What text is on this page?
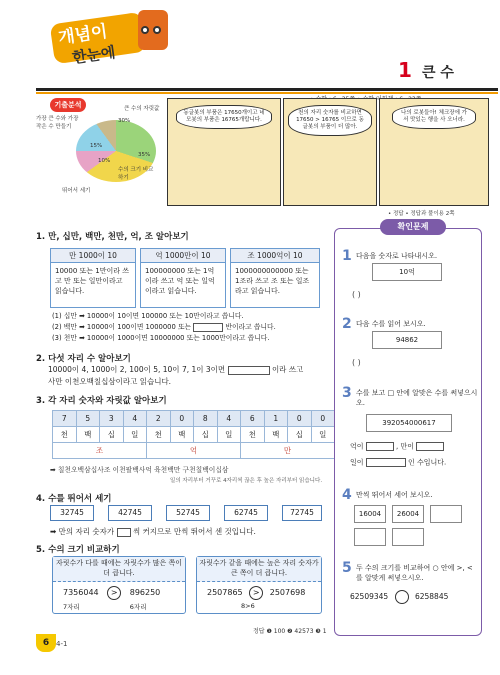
개념이
한눈에
1 큰 수
기출분석
30%
15%
35%
10%
큰 수의 자릿값
가장 큰 수와 가장 작은 수 만들기
수의 크기 비교하기
뛰어서 세기
동글봇의 부품은 17650개이고 네모봇의 부품은 16765개랍니다.
천의 자리 숫자를 비교하면 17650 > 16765 이므로 동글봇의 부품이 더 많아.
나의 로봇들아! 체크장에 가서 맛있는 행을 사 오너라.
• 정답 • 정답과 풀이용 2쪽
1. 만, 십만, 백만, 천만, 억, 조 알아보기
만 1000이 10
10000 또는 1만이라 쓰고 만 또는 일만이라고 읽습니다.
억 1000만이 10
100000000 또는 1억이라 쓰고 억 또는 일억이라고 읽습니다.
조 1000억이 10
1000000000000 또는 1조라 쓰고 조 또는 일조라고 읽습니다.
(1) 십만 ➡ 10000이 10이면 100000 또는 10만이라고 씁니다.
(2) 백만 ➡ 10000이 100이면 1000000 또는	반이라고 씁니다.
(3) 천만 ➡ 10000이 1000이면 10000000 또는 1000만이라고 씁니다.
2. 다섯 자리 수 알아보기
10000이 4, 1000이 2, 100이 5, 10이 7, 1이 3이면	이라 쓰고
사만 이천오백칠십삼이라고 읽습니다.
3. 각 자리 숫자와 자릿값 알아보기
7	5	3	4	2	0	8	4	6	1	0	0
천	백	십	일	천	백	십	일	천	백	십	일
조				억				만			
➡ 칠천오백삼십사조 이천팔백사억 육천백만 구천칠백이십삼
일의 자리부터 거꾸로 4자리씩 끊은 후 높은 자리부터 읽습니다.
4. 수를 뛰어서 세기
32745	42745	52745	62745	72745
➡ 만의 자리 숫자가	씩 커지므로 만씩 뛰어서 센 것입니다.
5. 수의 크기 비교하기
자릿수가 다를 때에는 자릿수가 많은 쪽이 더 큽니다.
7356044 > 896250
7자리	6자리
자릿수가 같을 때에는 높은 자리 숫자가 큰 쪽이 더 큽니다.
2507865 > 2507698
8>6
확인문제
1 다음을 숫자로 나타내시오.
10억
( )
2 다음 수를 읽어 보시오.
94862
( )
3 수를 보고 □ 안에 알맞은 수를 써넣으시오.
392054000617
억이	, 만이
일이	인 수입니다.
4 만씩 뛰어서 세어 보시오.
16004	26004
5 두 수의 크기를 비교하여 ○ 안에 >, < 를 알맞게 써넣으시오.
62509345	6258845
정답 ❶ 100 ❷ 42573 ❸ 1
6 4-1
